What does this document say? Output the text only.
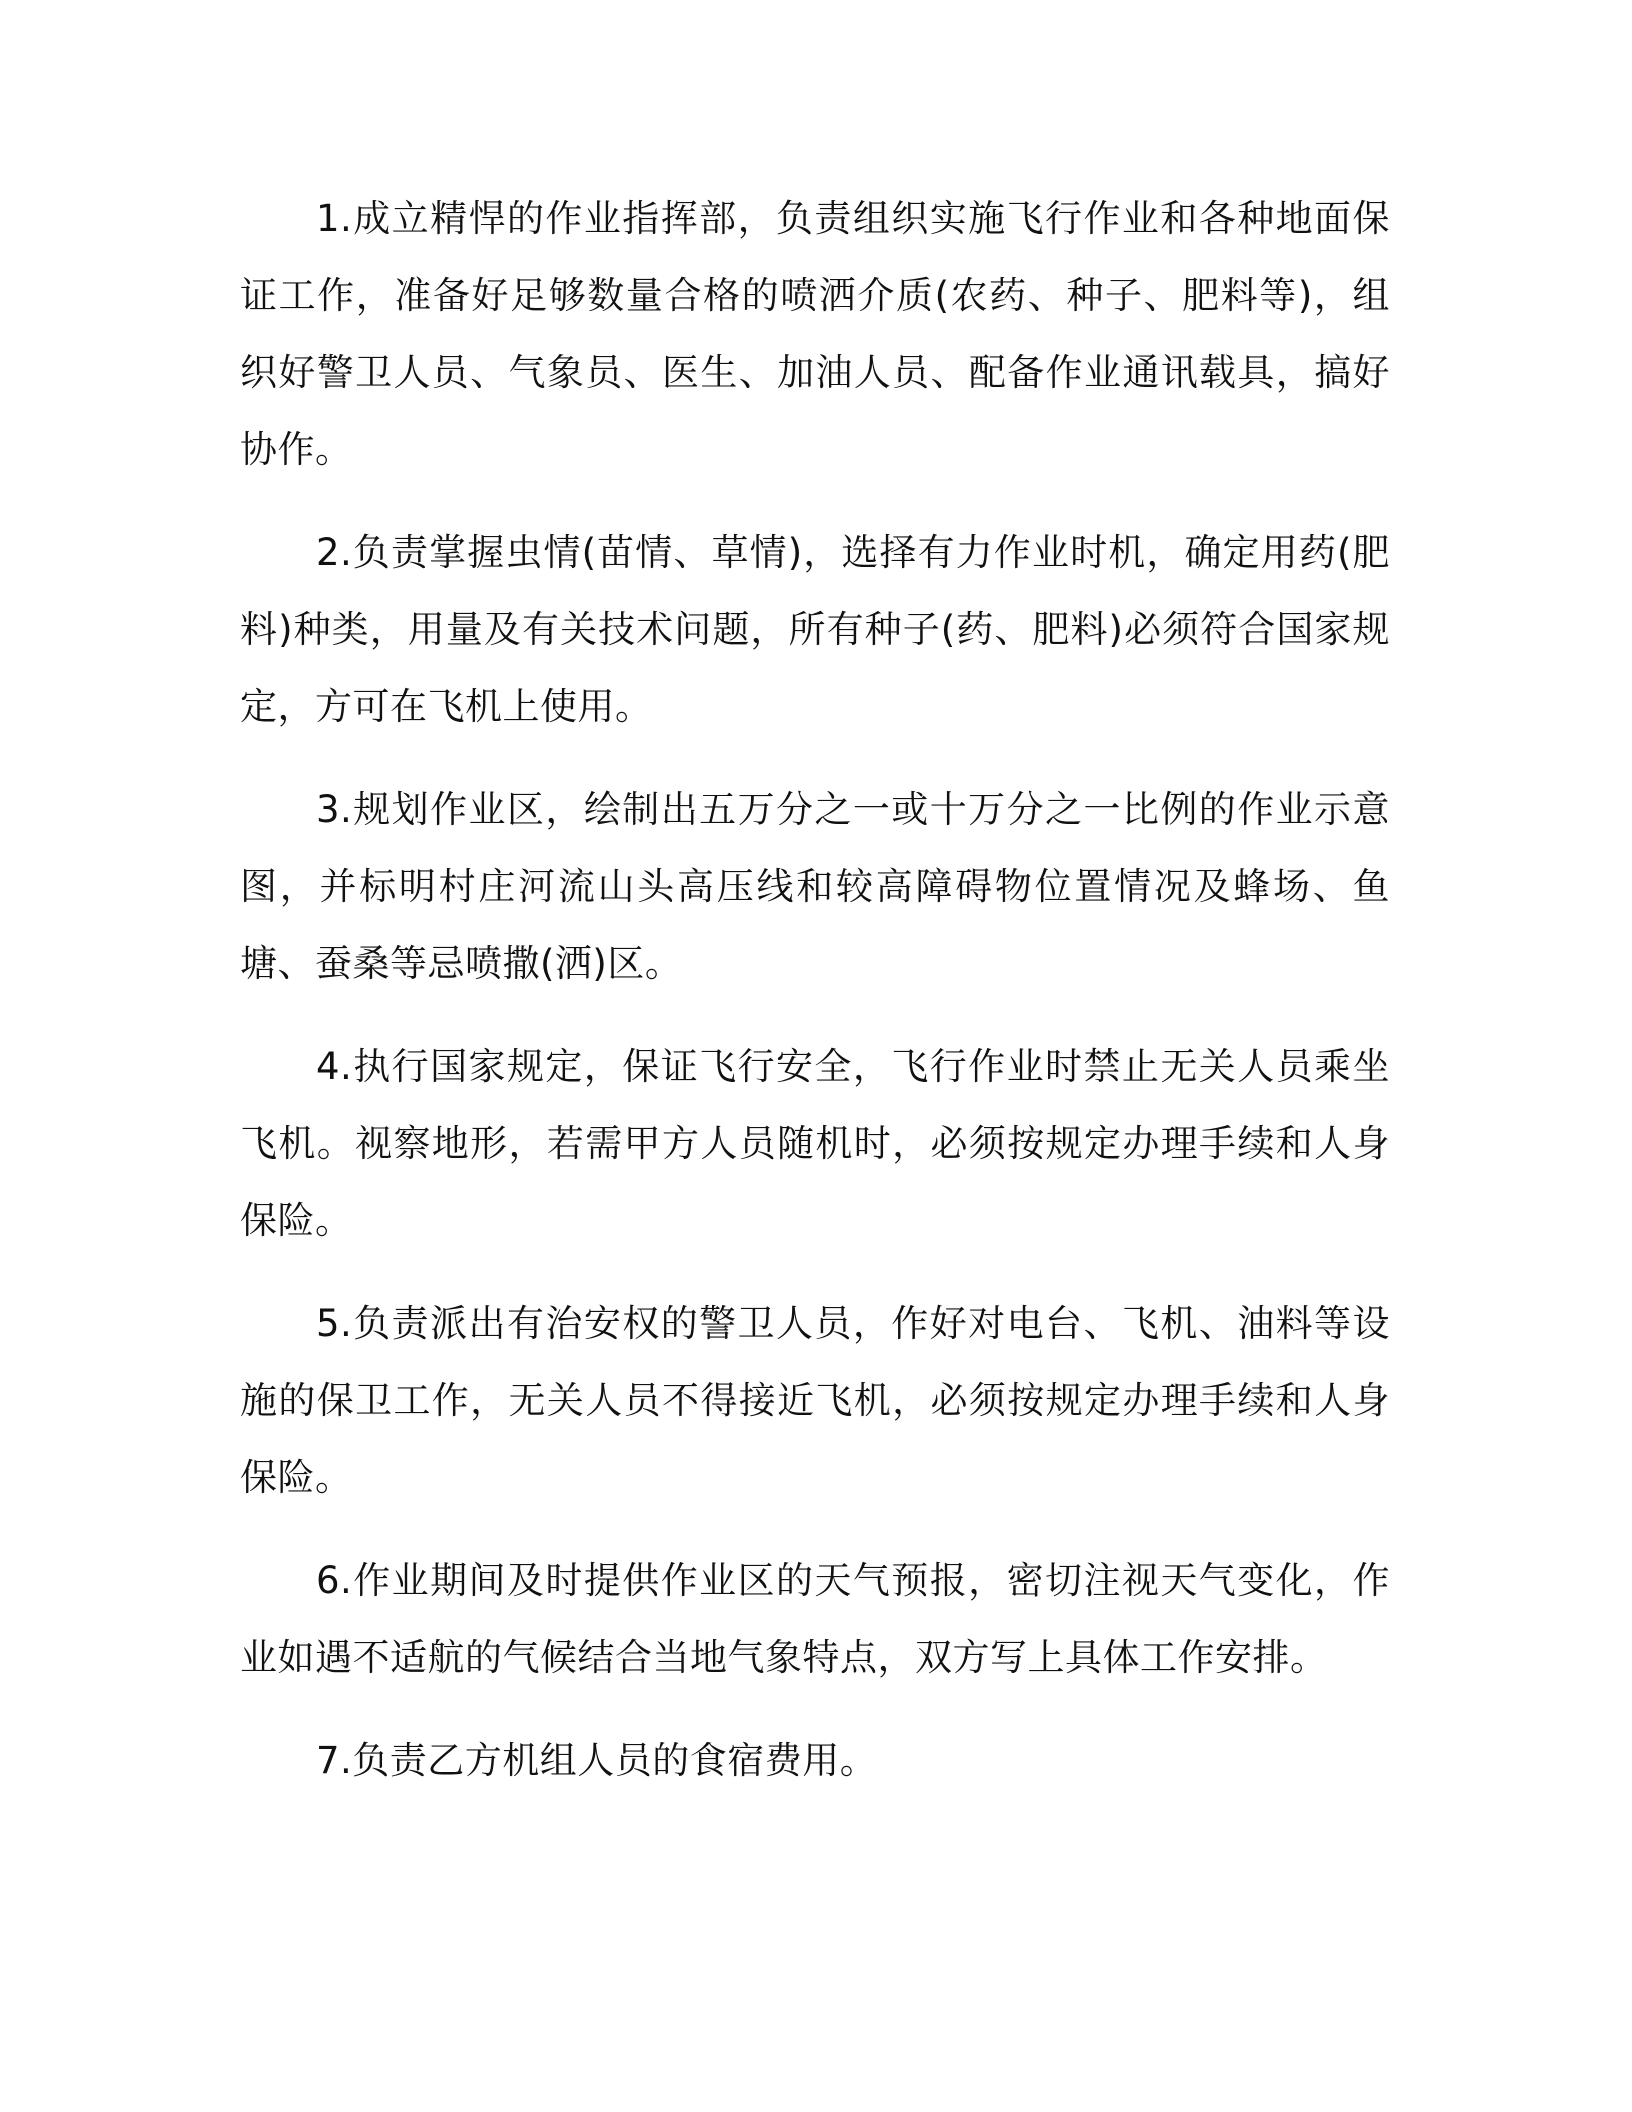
1.成立精悍的作业指挥部，负责组织实施飞行作业和各种地面保证工作，准备好足够数量合格的喷洒介质(农药、种子、肥料等)，组织好警卫人员、气象员、医生、加油人员、配备作业通讯载具，搞好协作。

2.负责掌握虫情(苗情、草情)，选择有力作业时机，确定用药(肥料)种类，用量及有关技术问题，所有种子(药、肥料)必须符合国家规定，方可在飞机上使用。

3.规划作业区，绘制出五万分之一或十万分之一比例的作业示意图，并标明村庄河流山头高压线和较高障碍物位置情况及蜂场、鱼塘、蚕桑等忌喷撒(洒)区。

4.执行国家规定，保证飞行安全，飞行作业时禁止无关人员乘坐飞机。视察地形，若需甲方人员随机时，必须按规定办理手续和人身保险。

5.负责派出有治安权的警卫人员，作好对电台、飞机、油料等设施的保卫工作，无关人员不得接近飞机，必须按规定办理手续和人身保险。

6.作业期间及时提供作业区的天气预报，密切注视天气变化，作业如遇不适航的气候结合当地气象特点，双方写上具体工作安排。

7.负责乙方机组人员的食宿费用。
